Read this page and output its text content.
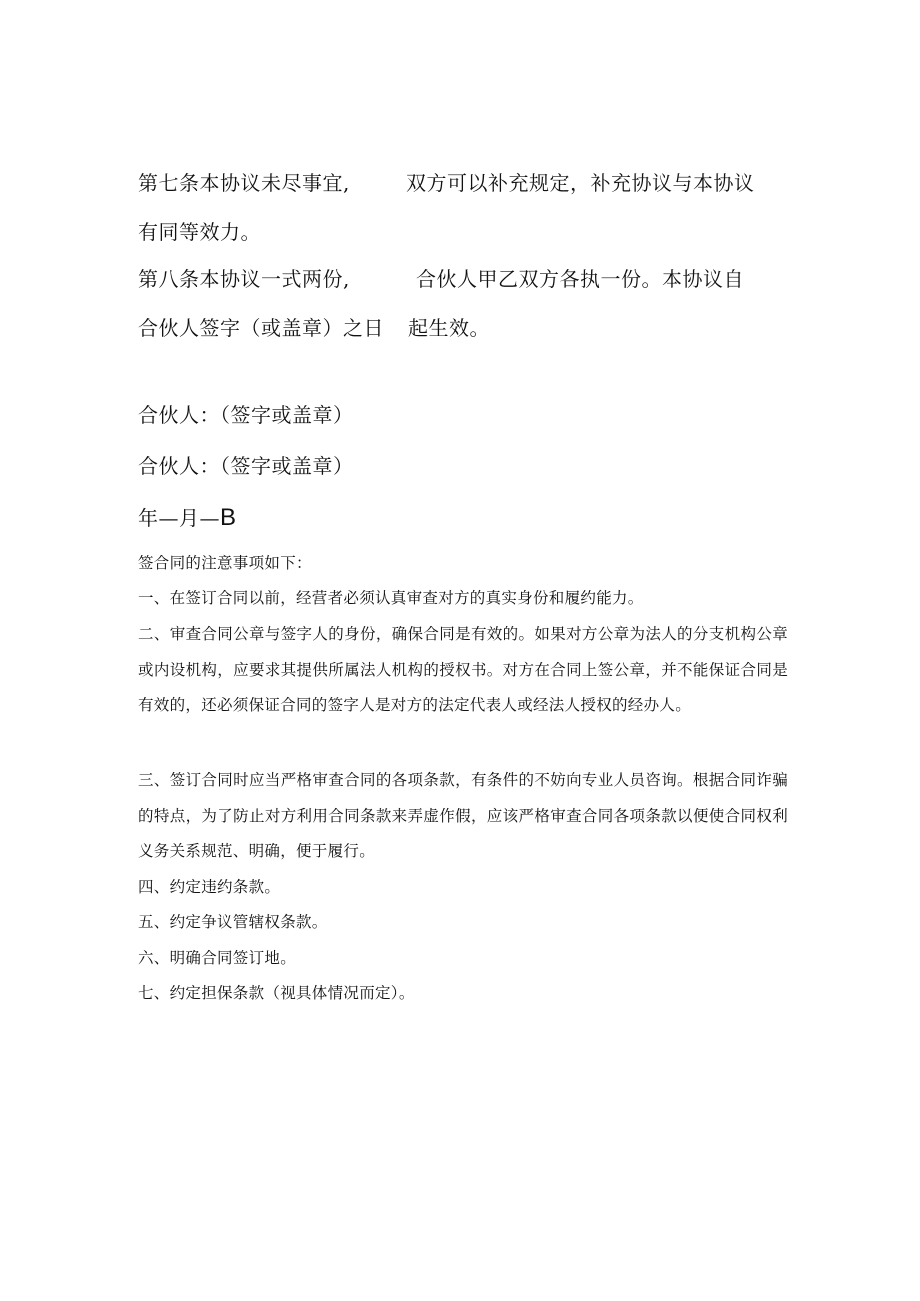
第七条本协议未尽事宜,	双方可以补充规定，补充协议与本协议
有同等效力。
第八条本协议一式两份,	合伙人甲乙双方各执一份。本协议自
合伙人签字（或盖章）之日 起生效。
合伙人：（签字或盖章）
合伙人：（签字或盖章）
年—月—B
签合同的注意事项如下：
一、在签订合同以前，经营者必须认真审查对方的真实身份和履约能力。
二、审查合同公章与签字人的身份，确保合同是有效的。如果对方公章为法人的分支机构公章或内设机构，应要求其提供所属法人机构的授权书。对方在合同上签公章，并不能保证合同是有效的，还必须保证合同的签字人是对方的法定代表人或经法人授权的经办人。
三、签订合同时应当严格审查合同的各项条款，有条件的不妨向专业人员咨询。根据合同诈骗的特点，为了防止对方利用合同条款来弄虚作假，应该严格审查合同各项条款以便使合同权利义务关系规范、明确，便于履行。
四、约定违约条款。
五、约定争议管辖权条款。
六、明确合同签订地。
七、约定担保条款（视具体情况而定）。
